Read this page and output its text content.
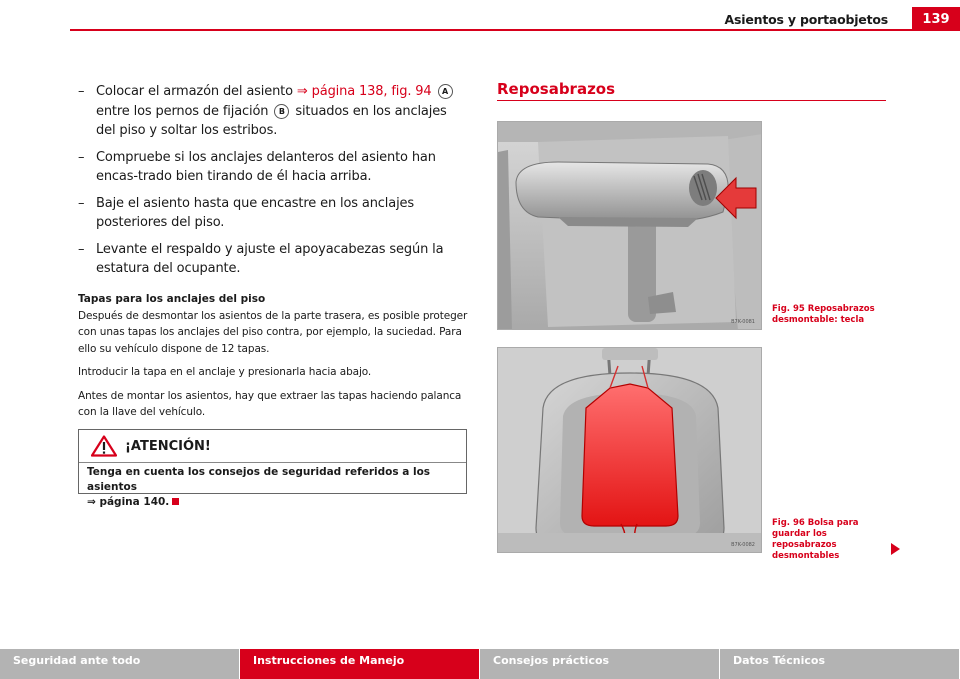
Asientos y portaobjetos	139
– Colocar el armazón del asiento ⇒ página 138, fig. 94 A entre los pernos de fijación B situados en los anclajes del piso y soltar los estribos.
– Compruebe si los anclajes delanteros del asiento han encas-trado bien tirando de él hacia arriba.
– Baje el asiento hasta que encastre en los anclajes posteriores del piso.
– Levante el respaldo y ajuste el apoyacabezas según la estatura del ocupante.
Tapas para los anclajes del piso

Después de desmontar los asientos de la parte trasera, es posible proteger con unas tapas los anclajes del piso contra, por ejemplo, la suciedad. Para ello su vehículo dispone de 12 tapas.

Introducir la tapa en el anclaje y presionarla hacia abajo.

Antes de montar los asientos, hay que extraer las tapas haciendo palanca con la llave del vehículo.

¡ATENCIÓN!
Tenga en cuenta los consejos de seguridad referidos a los asientos
⇒ página 140.
Reposabrazos
B7K-0081
B7K-0082
Fig. 95 Reposabrazos
desmontable: tecla
Fig. 96 Bolsa para
guardar los reposabrazos
desmontables
Seguridad ante todo	Instrucciones de Manejo	Consejos prácticos	Datos Técnicos
